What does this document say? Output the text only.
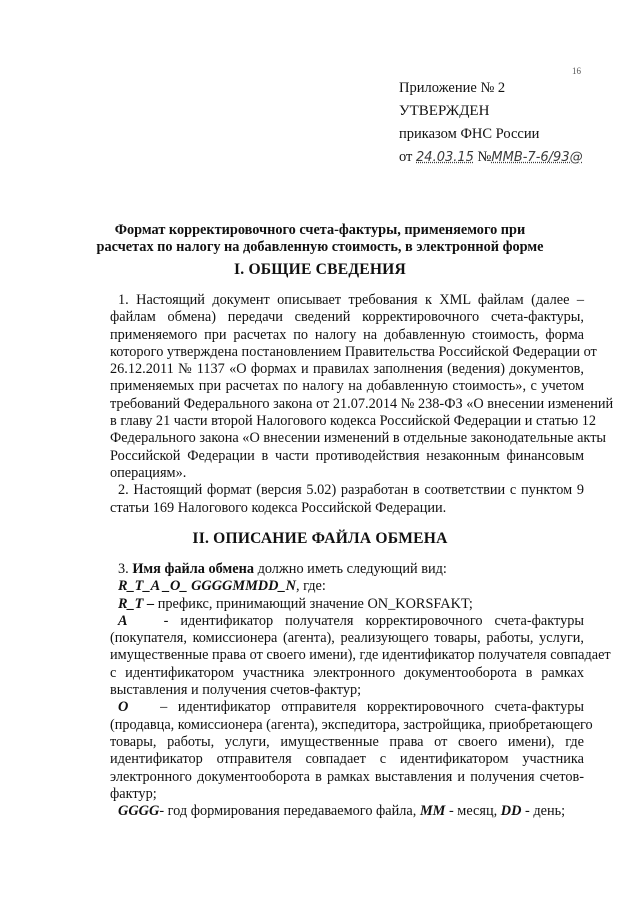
16
Приложение № 2
УТВЕРЖДЕН
приказом ФНС России
от 24.03.15 №ММВ-7-6/93@
Формат корректировочного счета-фактуры, применяемого при
расчетах по налогу на добавленную стоимость, в электронной форме
I. ОБЩИЕ СВЕДЕНИЯ
1. Настоящий документ описывает требования к XML файлам (далее –
файлам обмена) передачи сведений корректировочного счета-фактуры,
применяемого при расчетах по налогу на добавленную стоимость, форма
которого утверждена постановлением Правительства Российской Федерации от
26.12.2011 № 1137 «О формах и правилах заполнения (ведения) документов,
применяемых при расчетах по налогу на добавленную стоимость», с учетом
требований Федерального закона от 21.07.2014 № 238-ФЗ «О внесении изменений
в главу 21 части второй Налогового кодекса Российской Федерации и статью 12
Федерального закона «О внесении изменений в отдельные законодательные акты
Российской Федерации в части противодействия незаконным финансовым
операциям».
2. Настоящий формат (версия 5.02) разработан в соответствии с пунктом 9
статьи 169 Налогового кодекса Российской Федерации.
II. ОПИСАНИЕ ФАЙЛА ОБМЕНА
3. Имя файла обмена должно иметь следующий вид:
R_T_A _O_ GGGGMMDD_N, где:
R_T – префикс, принимающий значение ON_KORSFAKT;
A	- идентификатор получателя корректировочного счета-фактуры
(покупателя, комиссионера (агента), реализующего товары, работы, услуги,
имущественные права от своего имени), где идентификатор получателя совпадает
с идентификатором участника электронного документооборота в рамках
выставления и получения счетов-фактур;
O – идентификатор отправителя корректировочного счета-фактуры
(продавца, комиссионера (агента), экспедитора, застройщика, приобретающего
товары, работы, услуги, имущественные права от своего имени), где
идентификатор отправителя совпадает с идентификатором участника
электронного документооборота в рамках выставления и получения счетов-
фактур;
GGGG- год формирования передаваемого файла, MM - месяц, DD - день;
